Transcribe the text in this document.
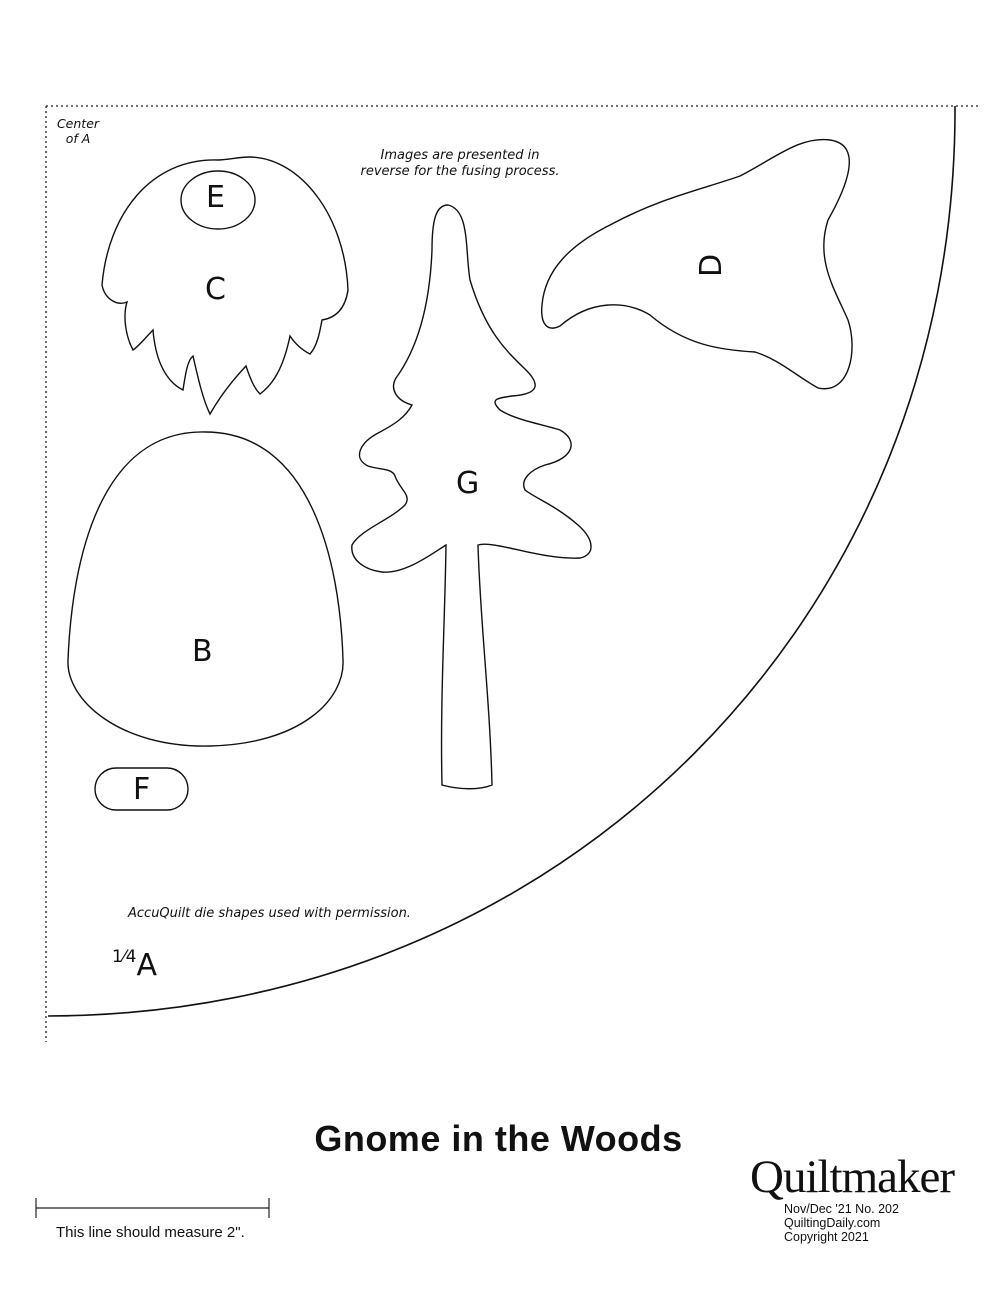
Center
of A
Images are presented in
reverse for the fusing process.
E
C
G
B
F
D
AccuQuilt die shapes used with permission.
$^{1⁄4}$A
Gnome in the Woods
This line should measure 2".
Quiltmaker
Nov/Dec '21 No. 202
QuiltingDaily.com
Copyright 2021
